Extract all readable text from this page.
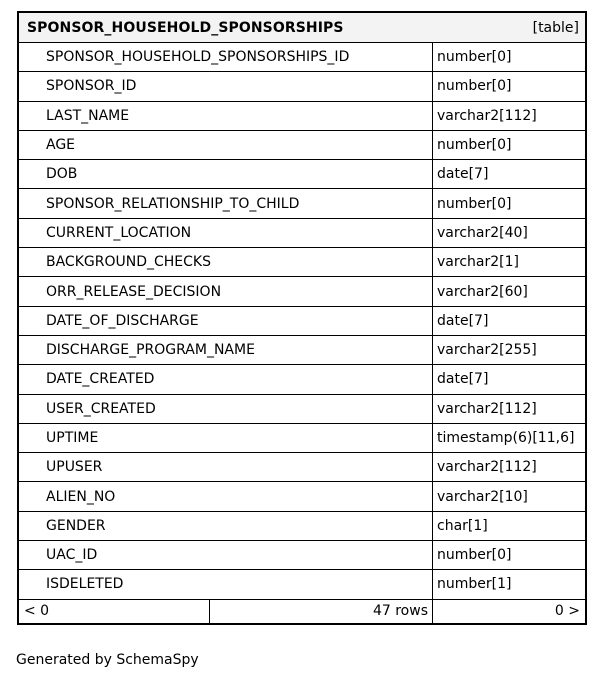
SPONSOR_HOUSEHOLD_SPONSORSHIPS	[table]
SPONSOR_HOUSEHOLD_SPONSORSHIPS_ID	number[0]
SPONSOR_ID	number[0]
LAST_NAME	varchar2[112]
AGE	number[0]
DOB	date[7]
SPONSOR_RELATIONSHIP_TO_CHILD	number[0]
CURRENT_LOCATION	varchar2[40]
BACKGROUND_CHECKS	varchar2[1]
ORR_RELEASE_DECISION	varchar2[60]
DATE_OF_DISCHARGE	date[7]
DISCHARGE_PROGRAM_NAME	varchar2[255]
DATE_CREATED	date[7]
USER_CREATED	varchar2[112]
UPTIME	timestamp(6)[11,6]
UPUSER	varchar2[112]
ALIEN_NO	varchar2[10]
GENDER	char[1]
UAC_ID	number[0]
ISDELETED	number[1]
< 0	47 rows	0 >
Generated by SchemaSpy
